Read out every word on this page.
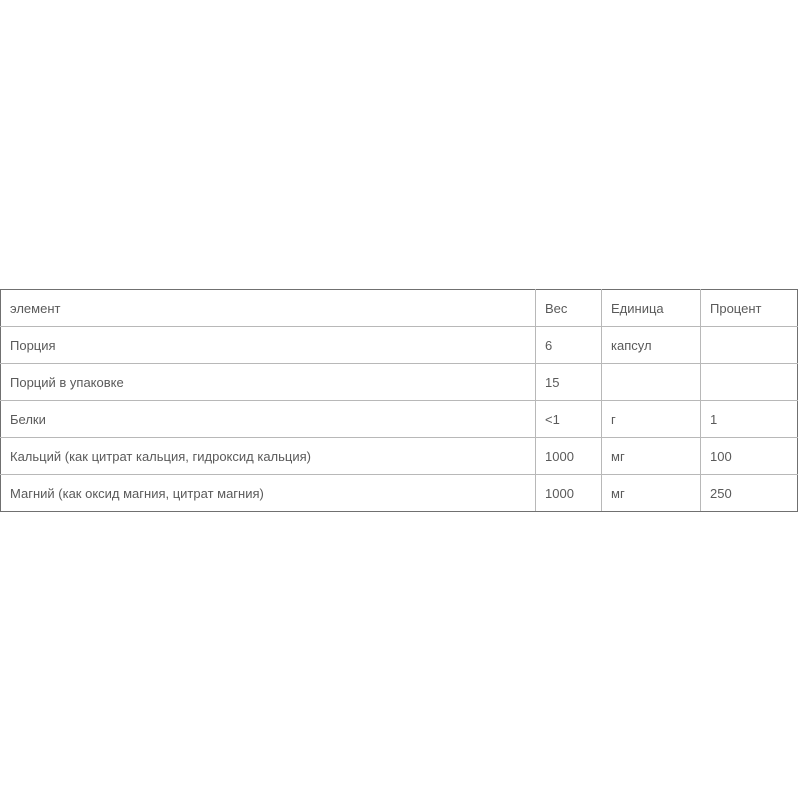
элемент	Вес	Единица	Процент
Порция	6	капсул	
Порций в упаковке	15		
Белки	<1	г	1
Кальций (как цитрат кальция, гидроксид кальция)	1000	мг	100
Магний (как оксид магния, цитрат магния)	1000	мг	250
